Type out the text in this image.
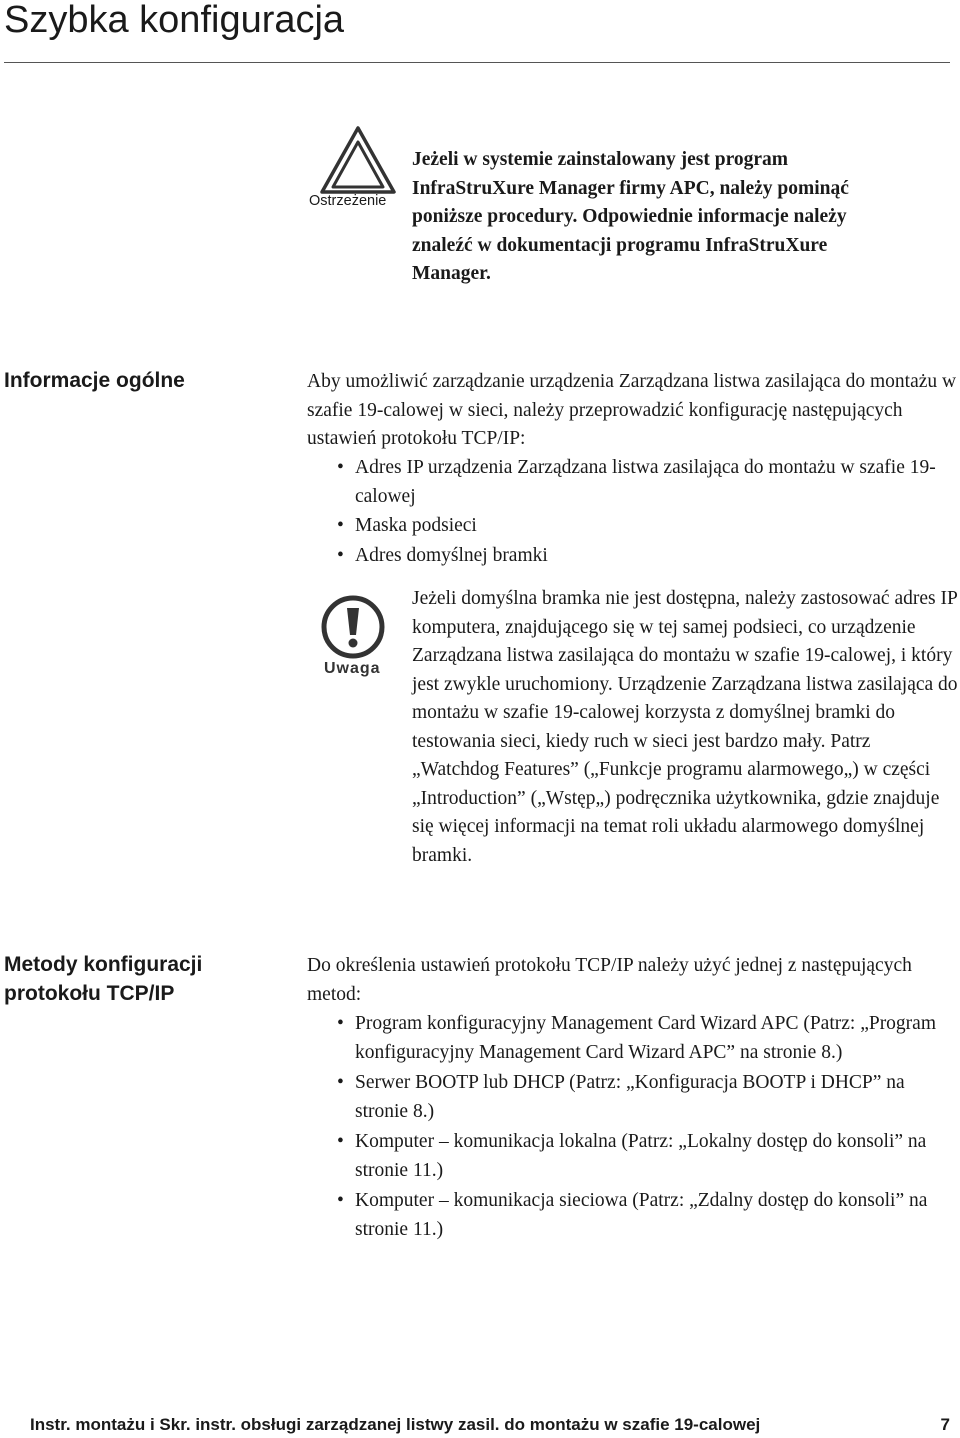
Szybka konfiguracja
Ostrzeżenie

Jeżeli w systemie zainstalowany jest program InfraStruXure Manager firmy APC, należy pominąć poniższe procedury. Odpowiednie informacje należy znaleźć w dokumentacji programu InfraStruXure Manager.

Informacje ogólne	Aby umożliwić zarządzanie urządzenia Zarządzana listwa zasilająca do montażu w szafie 19-calowej w sieci, należy przeprowadzić konfigurację następujących ustawień protokołu TCP/IP:

• Adres IP urządzenia Zarządzana listwa zasilająca do montażu w szafie 19-calowej
• Maska podsieci
• Adres domyślnej bramki
Uwaga

Jeżeli domyślna bramka nie jest dostępna, należy zastosować adres IP komputera, znajdującego się w tej samej podsieci, co urządzenie Zarządzana listwa zasilająca do montażu w szafie 19-calowej, i który jest zwykle uruchomiony. Urządzenie Zarządzana listwa zasilająca do montażu w szafie 19-calowej korzysta z domyślnej bramki do testowania sieci, kiedy ruch w sieci jest bardzo mały. Patrz „Watchdog Features” („Funkcje programu alarmowego„) w części „Introduction” („Wstęp„) podręcznika użytkownika, gdzie znajduje się więcej informacji na temat roli układu alarmowego domyślnej bramki.

Metody konfiguracji
protokołu TCP/IP

Do określenia ustawień protokołu TCP/IP należy użyć jednej z następujących metod:

• Program konfiguracyjny Management Card Wizard APC (Patrz: „Program konfiguracyjny Management Card Wizard APC” na stronie 8.)
• Serwer BOOTP lub DHCP (Patrz: „Konfiguracja BOOTP i DHCP” na stronie 8.)
• Komputer – komunikacja lokalna (Patrz: „Lokalny dostęp do konsoli” na stronie 11.)
• Komputer – komunikacja sieciowa (Patrz: „Zdalny dostęp do konsoli” na stronie 11.)
Instr. montażu i Skr. instr. obsługi zarządzanej listwy zasil. do montażu w szafie 19-calowej	7
